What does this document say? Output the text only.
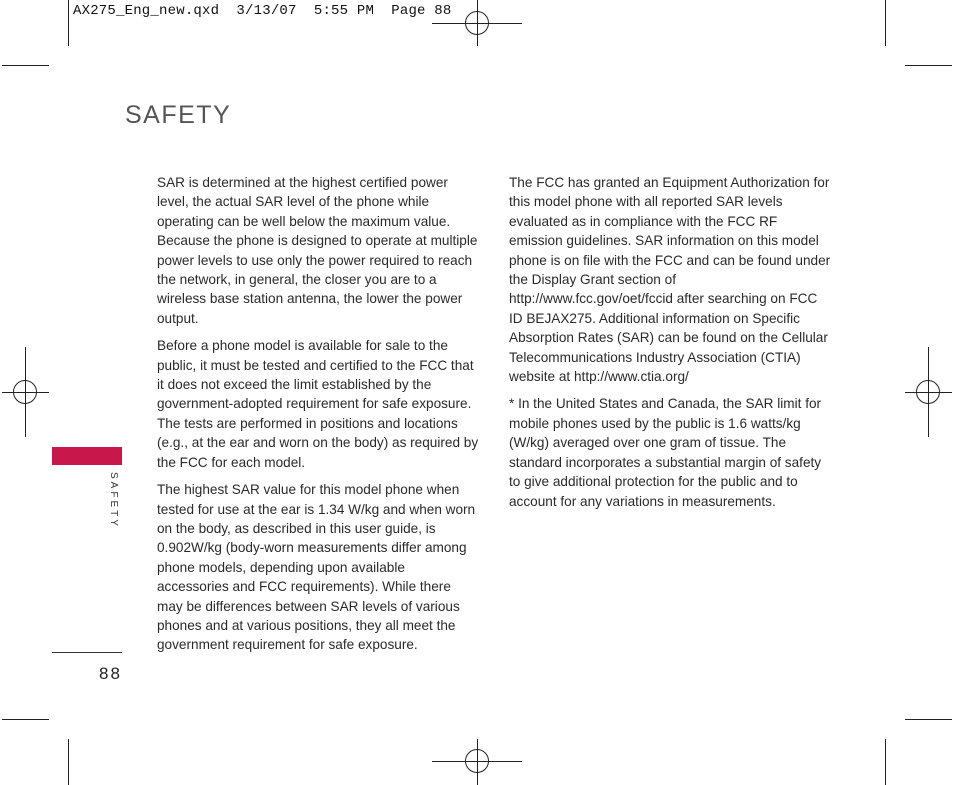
AX275_Eng_new.qxd  3/13/07  5:55 PM  Page 88
SAFETY

SAR is determined at the highest certified power level, the actual SAR level of the phone while operating can be well below the maximum value. Because the phone is designed to operate at multiple power levels to use only the power required to reach the network, in general, the closer you are to a wireless base station antenna, the lower the power output.

Before a phone model is available for sale to the public, it must be tested and certified to the FCC that it does not exceed the limit established by the government-adopted requirement for safe exposure. The tests are performed in positions and locations (e.g., at the ear and worn on the body) as required by the FCC for each model.

The highest SAR value for this model phone when tested for use at the ear is 1.34 W/kg and when worn on the body, as described in this user guide, is 0.902W/kg (body-worn measurements differ among phone models, depending upon available accessories and FCC requirements). While there may be differences between SAR levels of various phones and at various positions, they all meet the government requirement for safe exposure.

The FCC has granted an Equipment Authorization for this model phone with all reported SAR levels evaluated as in compliance with the FCC RF emission guidelines. SAR information on this model phone is on file with the FCC and can be found under the Display Grant section of http://www.fcc.gov/oet/fccid after searching on FCC ID BEJAX275. Additional information on Specific Absorption Rates (SAR) can be found on the Cellular Telecommunications Industry Association (CTIA) website at http://www.ctia.org/

* In the United States and Canada, the SAR limit for mobile phones used by the public is 1.6 watts/kg (W/kg) averaged over one gram of tissue. The standard incorporates a substantial margin of safety to give additional protection for the public and to account for any variations in measurements.

SAFETY
88
